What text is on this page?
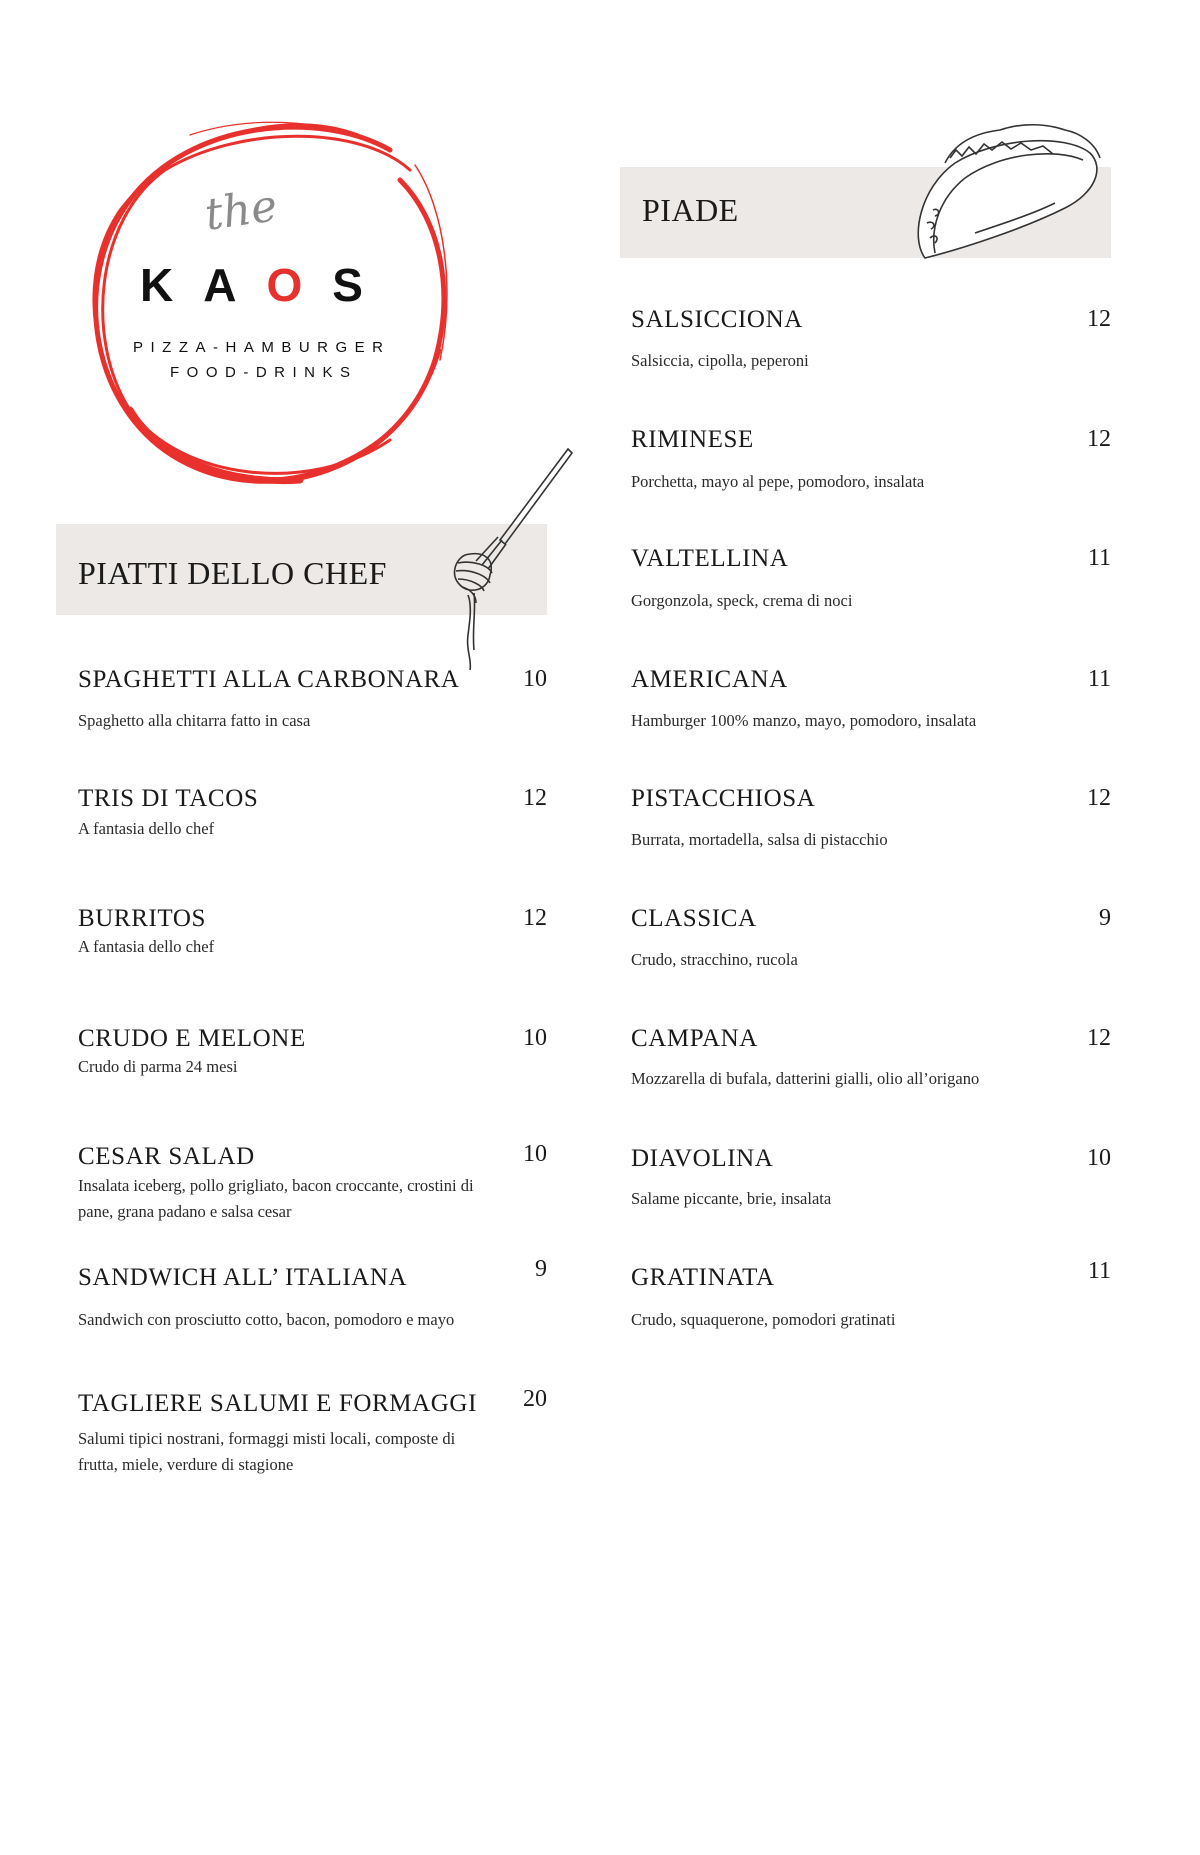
the
KAOS
PIZZA-HAMBURGER
FOOD-DRINKS
PIATTI DELLO CHEF
PIADE
SPAGHETTI ALLA CARBONARA	10
Spaghetto alla chitarra fatto in casa
TRIS DI TACOS	12
A fantasia dello chef
BURRITOS	12
A fantasia dello chef
CRUDO E MELONE	10
Crudo di parma 24 mesi
CESAR SALAD	10
Insalata iceberg, pollo grigliato, bacon croccante, crostini di pane, grana padano e salsa cesar
SANDWICH ALL’ ITALIANA	9
Sandwich con prosciutto cotto, bacon, pomodoro e mayo
TAGLIERE SALUMI E FORMAGGI	20
Salumi tipici nostrani, formaggi misti locali, composte di frutta, miele, verdure di stagione
SALSICCIONA	12
Salsiccia, cipolla, peperoni
RIMINESE	12
Porchetta, mayo al pepe, pomodoro, insalata
VALTELLINA	11
Gorgonzola, speck, crema di noci
AMERICANA	11
Hamburger 100% manzo, mayo, pomodoro, insalata
PISTACCHIOSA	12
Burrata, mortadella, salsa di pistacchio
CLASSICA	9
Crudo, stracchino, rucola
CAMPANA	12
Mozzarella di bufala, datterini gialli, olio all’origano
DIAVOLINA	10
Salame piccante, brie, insalata
GRATINATA	11
Crudo, squaquerone, pomodori gratinati
